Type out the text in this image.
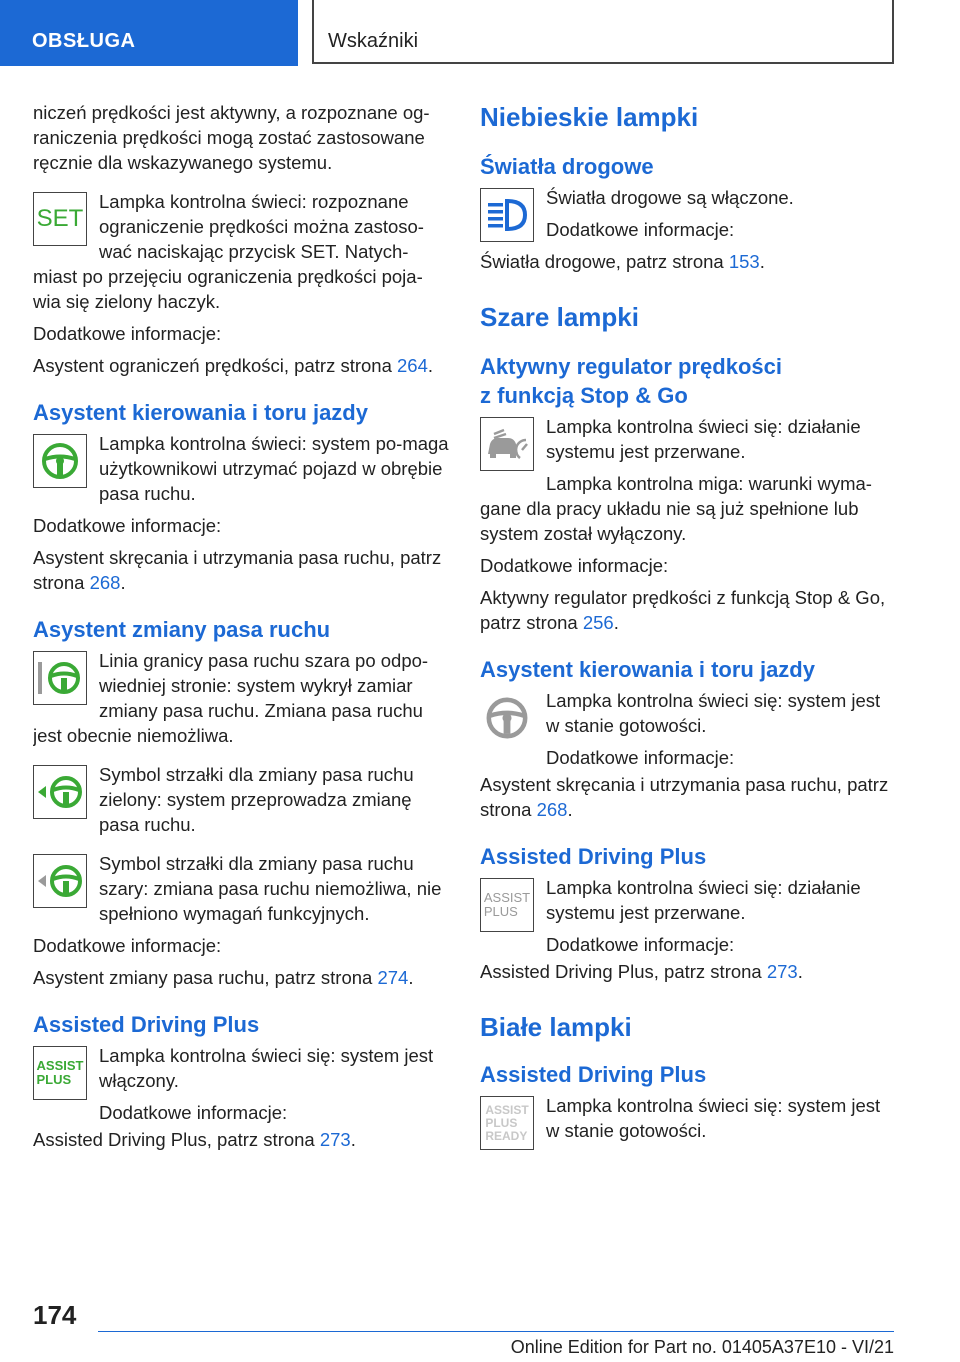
OBSŁUGA	Wskaźniki

niczeń prędkości jest aktywny, a rozpoznane og-raniczenia prędkości mogą zostać zastosowane ręcznie dla wskazywanego systemu.

SET

Lampka kontrolna świeci: rozpoznane ograniczenie prędkości można zastoso-wać naciskając przycisk SET. Natych-miast po przejęciu ograniczenia prędkości poja-wia się zielony haczyk.

Dodatkowe informacje:

Asystent ograniczeń prędkości, patrz strona 264.

Asystent kierowania i toru jazdy

Lampka kontrolna świeci: system po-maga użytkownikowi utrzymać pojazd w obrębie pasa ruchu.

Dodatkowe informacje:

Asystent skręcania i utrzymania pasa ruchu, patrz strona 268.

Asystent zmiany pasa ruchu

Linia granicy pasa ruchu szara po odpo-wiedniej stronie: system wykrył zamiar zmiany pasa ruchu. Zmiana pasa ruchu jest obecnie niemożliwa.

Symbol strzałki dla zmiany pasa ruchu zielony: system przeprowadza zmianę pasa ruchu.

Symbol strzałki dla zmiany pasa ruchu szary: zmiana pasa ruchu niemożliwa, nie spełniono wymagań funkcyjnych.

Dodatkowe informacje:

Asystent zmiany pasa ruchu, patrz strona 274.

Assisted Driving Plus
ASSIST
PLUS

Lampka kontrolna świeci się: system jest włączony.

Dodatkowe informacje:

Assisted Driving Plus, patrz strona 273.

Niebieskie lampki
Światła drogowe

Światła drogowe są włączone.

Dodatkowe informacje:

Światła drogowe, patrz strona 153.

Szare lampki
Aktywny regulator prędkości
z funkcją Stop & Go

Lampka kontrolna świeci się: działanie systemu jest przerwane.

Lampka kontrolna miga: warunki wyma-gane dla pracy układu nie są już spełnione lub system został wyłączony.

Dodatkowe informacje:

Aktywny regulator prędkości z funkcją Stop & Go, patrz strona 256.

Asystent kierowania i toru jazdy

Lampka kontrolna świeci się: system jest w stanie gotowości.

Dodatkowe informacje:

Asystent skręcania i utrzymania pasa ruchu, patrz strona 268.

Assisted Driving Plus
ASSIST
PLUS

Lampka kontrolna świeci się: działanie systemu jest przerwane.

Dodatkowe informacje:

Assisted Driving Plus, patrz strona 273.

Białe lampki
Assisted Driving Plus
ASSIST
PLUS
READY

Lampka kontrolna świeci się: system jest w stanie gotowości.

174
Online Edition for Part no. 01405A37E10 - VI/21
